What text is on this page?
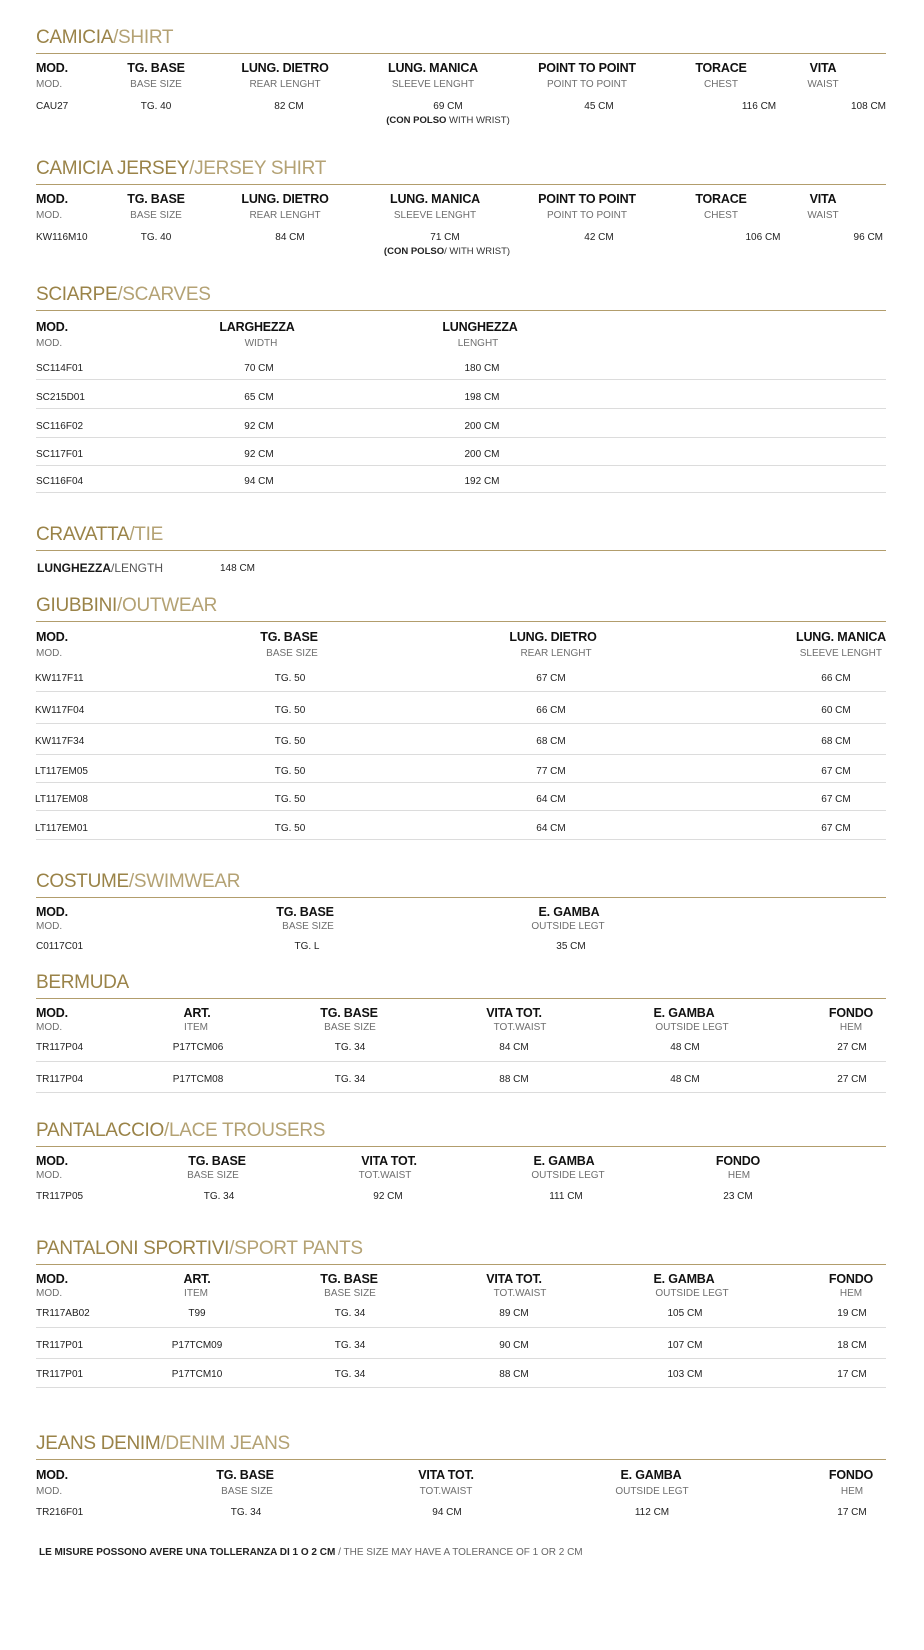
CAMICIA/SHIRT
MOD.	TG. BASE	LUNG. DIETRO	LUNG. MANICA	POINT TO POINT	TORACE	VITA
MOD.	BASE SIZE	REAR LENGHT	SLEEVE LENGHT	POINT TO POINT	CHEST	WAIST
CAU27	TG. 40	82 CM	69 CM	45 CM	116 CM	108 CM
(CON POLSO WITH WRIST)
CAMICIA JERSEY/JERSEY SHIRT
MOD.	TG. BASE	LUNG. DIETRO	LUNG. MANICA	POINT TO POINT	TORACE	VITA
MOD.	BASE SIZE	REAR LENGHT	SLEEVE LENGHT	POINT TO POINT	CHEST	WAIST
KW116M10	TG. 40	84 CM	71 CM	42 CM	106 CM	96 CM
(CON POLSO/ WITH WRIST)
SCIARPE/SCARVES
MOD.	LARGHEZZA	LUNGHEZZA
MOD.	WIDTH	LENGHT
SC114F01	70 CM	180 CM
SC215D01	65 CM	198 CM
SC116F02	92 CM	200 CM
SC117F01	92 CM	200 CM
SC116F04	94 CM	192 CM
CRAVATTA/TIE
LUNGHEZZA/LENGTH	148 CM
GIUBBINI/OUTWEAR
MOD.	TG. BASE	LUNG. DIETRO	LUNG. MANICA
MOD.	BASE SIZE	REAR LENGHT	SLEEVE LENGHT
KW117F11	TG. 50	67 CM	66 CM
KW117F04	TG. 50	66 CM	60 CM
KW117F34	TG. 50	68 CM	68 CM
LT117EM05	TG. 50	77 CM	67 CM
LT117EM08	TG. 50	64 CM	67 CM
LT117EM01	TG. 50	64 CM	67 CM
COSTUME/SWIMWEAR
MOD.	TG. BASE	E. GAMBA
MOD.	BASE SIZE	OUTSIDE LEGT
C0117C01	TG. L	35 CM
BERMUDA
MOD.	ART.	TG. BASE	VITA TOT.	E. GAMBA	FONDO
MOD.	ITEM	BASE SIZE	TOT.WAIST	OUTSIDE LEGT	HEM
TR117P04	P17TCM06	TG. 34	84 CM	48 CM	27 CM
TR117P04	P17TCM08	TG. 34	88 CM	48 CM	27 CM
PANTALACCIO/LACE TROUSERS
MOD.	TG. BASE	VITA TOT.	E. GAMBA	FONDO
MOD.	BASE SIZE	TOT.WAIST	OUTSIDE LEGT	HEM
TR117P05	TG. 34	92 CM	111 CM	23 CM
PANTALONI SPORTIVI/SPORT PANTS
MOD.	ART.	TG. BASE	VITA TOT.	E. GAMBA	FONDO
MOD.	ITEM	BASE SIZE	TOT.WAIST	OUTSIDE LEGT	HEM
TR117AB02	T99	TG. 34	89 CM	105 CM	19 CM
TR117P01	P17TCM09	TG. 34	90 CM	107 CM	18 CM
TR117P01	P17TCM10	TG. 34	88 CM	103 CM	17 CM
JEANS DENIM/DENIM JEANS
MOD.	TG. BASE	VITA TOT.	E. GAMBA	FONDO
MOD.	BASE SIZE	TOT.WAIST	OUTSIDE LEGT	HEM
TR216F01	TG. 34	94 CM	112 CM	17 CM
LE MISURE POSSONO AVERE UNA TOLLERANZA DI 1 O 2 CM / THE SIZE MAY HAVE A TOLERANCE OF 1 OR 2 CM
